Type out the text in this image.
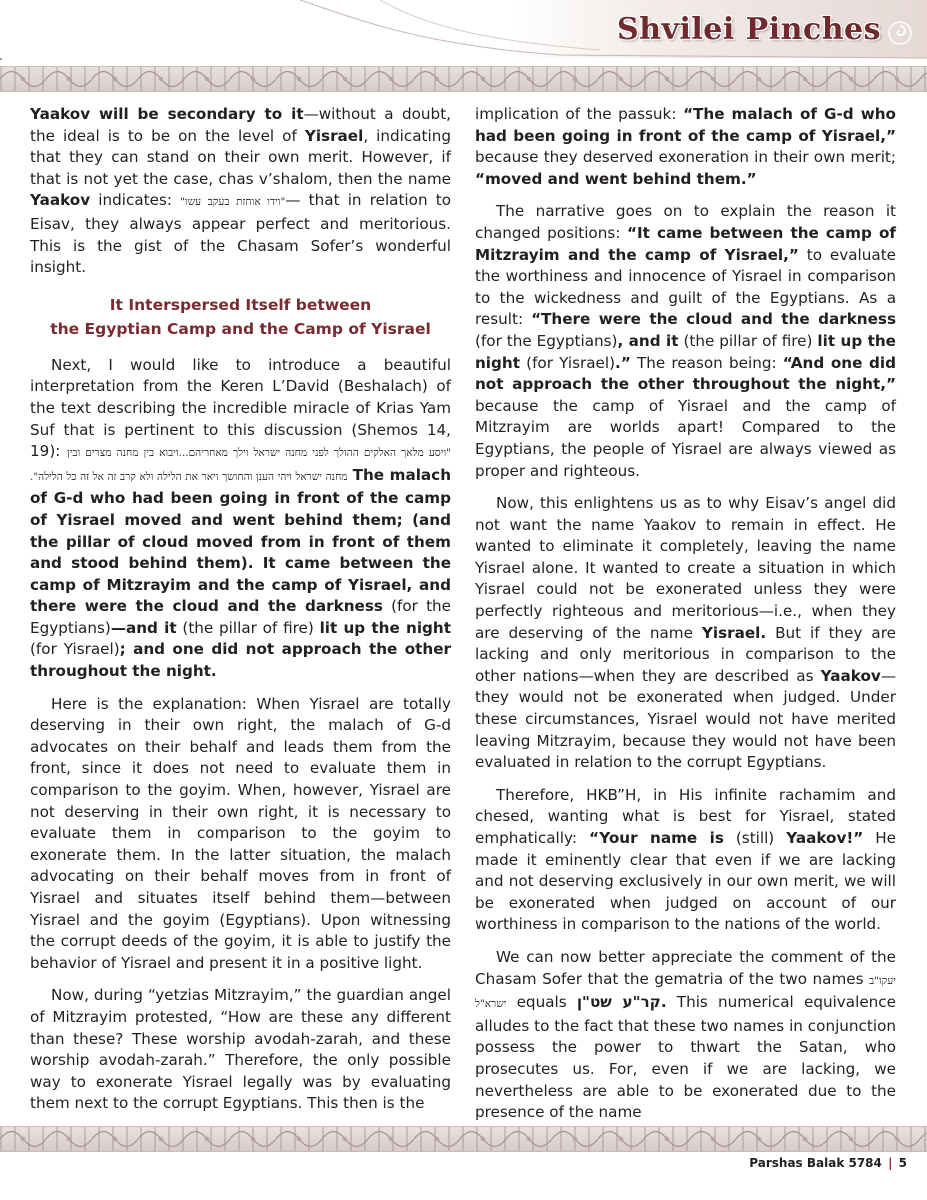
Shvilei Pinches

Yaakov will be secondary to it—without a doubt, the ideal is to be on the level of Yisrael, indicating that they can stand on their own merit. However, if that is not yet the case, chas v’shalom, then the name Yaakov indicates: "וידו אוחזת בעקב עשו"— that in relation to Eisav, they always appear perfect and meritorious. This is the gist of the Chasam Sofer’s wonderful insight.

It Interspersed Itself between
the Egyptian Camp and the Camp of Yisrael

Next, I would like to introduce a beautiful interpretation from the Keren L’David (Beshalach) of the text describing the incredible miracle of Krias Yam Suf that is pertinent to this discussion (Shemos 14, 19): "ויסע מלאך האלקים ההולך לפני מחנה ישראל וילך מאחריהם...ויבוא בין מחנה מצרים ובין מחנה ישראל ויהי הענן והחושך ויאר את הלילה ולא קרב זה אל זה כל הלילה". The malach of G-d who had been going in front of the camp of Yisrael moved and went behind them; (and the pillar of cloud moved from in front of them and stood behind them). It came between the camp of Mitzrayim and the camp of Yisrael, and there were the cloud and the darkness (for the Egyptians)—and it (the pillar of fire) lit up the night (for Yisrael); and one did not approach the other throughout the night.

Here is the explanation: When Yisrael are totally deserving in their own right, the malach of G-d advocates on their behalf and leads them from the front, since it does not need to evaluate them in comparison to the goyim. When, however, Yisrael are not deserving in their own right, it is necessary to evaluate them in comparison to the goyim to exonerate them. In the latter situation, the malach advocating on their behalf moves from in front of Yisrael and situates itself behind them—between Yisrael and the goyim (Egyptians). Upon witnessing the corrupt deeds of the goyim, it is able to justify the behavior of Yisrael and present it in a positive light.

Now, during “yetzias Mitzrayim,” the guardian angel of Mitzrayim protested, “How are these any different than these? These worship avodah-zarah, and these worship avodah-zarah.” Therefore, the only possible way to exonerate Yisrael legally was by evaluating them next to the corrupt Egyptians. This then is the

implication of the passuk: “The malach of G-d who had been going in front of the camp of Yisrael,” because they deserved exoneration in their own merit; “moved and went behind them.”

The narrative goes on to explain the reason it changed positions: “It came between the camp of Mitzrayim and the camp of Yisrael,” to evaluate the worthiness and innocence of Yisrael in comparison to the wickedness and guilt of the Egyptians. As a result: “There were the cloud and the darkness (for the Egyptians), and it (the pillar of fire) lit up the night (for Yisrael).” The reason being: “And one did not approach the other throughout the night,” because the camp of Yisrael and the camp of Mitzrayim are worlds apart! Compared to the Egyptians, the people of Yisrael are always viewed as proper and righteous.

Now, this enlightens us as to why Eisav’s angel did not want the name Yaakov to remain in effect. He wanted to eliminate it completely, leaving the name Yisrael alone. It wanted to create a situation in which Yisrael could not be exonerated unless they were perfectly righteous and meritorious—i.e., when they are deserving of the name Yisrael. But if they are lacking and only meritorious in comparison to the other nations—when they are described as Yaakov—they would not be exonerated when judged. Under these circumstances, Yisrael would not have merited leaving Mitzrayim, because they would not have been evaluated in relation to the corrupt Egyptians.

Therefore, HKB”H, in His infinite rachamim and chesed, wanting what is best for Yisrael, stated emphatically: “Your name is (still) Yaakov!” He made it eminently clear that even if we are lacking and not deserving exclusively in our own merit, we will be exonerated when judged on account of our worthiness in comparison to the nations of the world.

We can now better appreciate the comment of the Chasam Sofer that the gematria of the two names יעקו"ב ישרא"ל equals קר"ע שט"ן. This numerical equivalence alludes to the fact that these two names in conjunction possess the power to thwart the Satan, who prosecutes us. For, even if we are lacking, we nevertheless are able to be exonerated due to the presence of the name

Parshas Balak 5784 | 5
